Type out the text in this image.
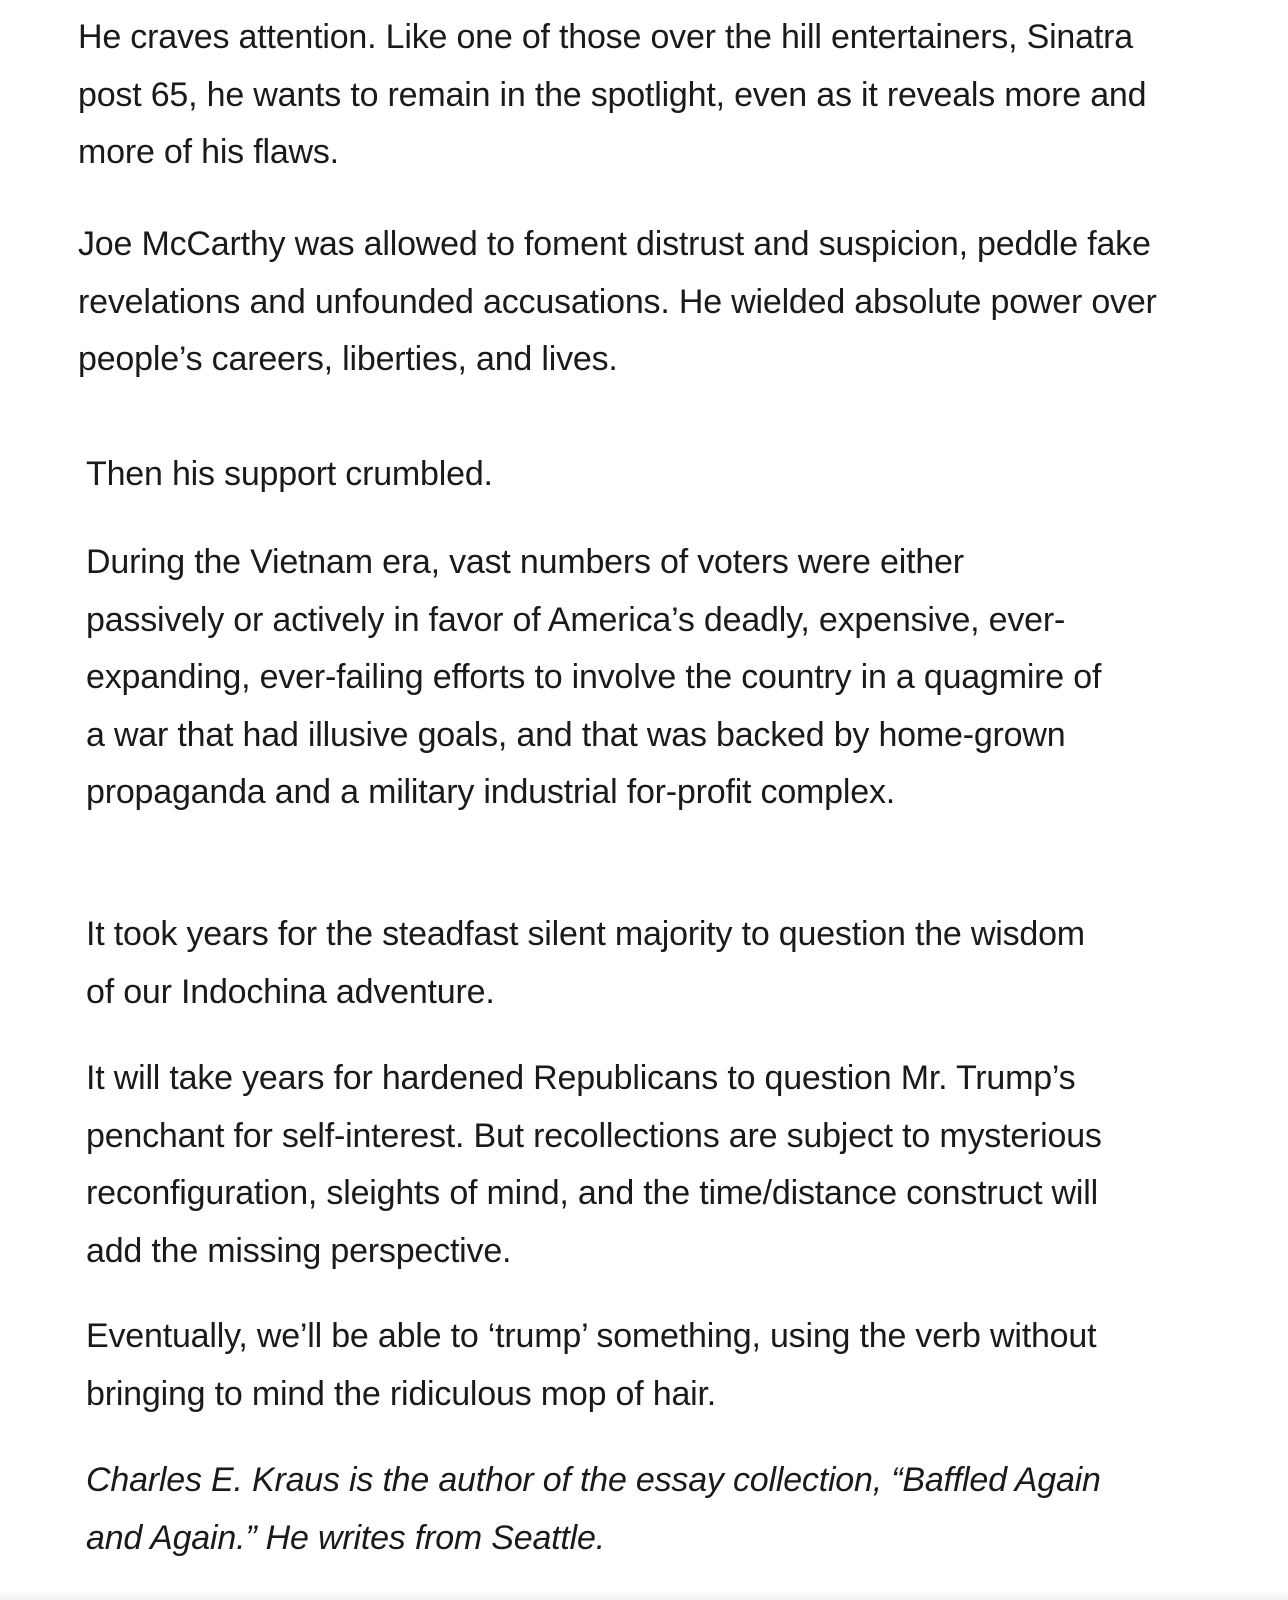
He craves attention. Like one of those over the hill entertainers, Sinatra post 65, he wants to remain in the spotlight, even as it reveals more and more of his flaws.

Joe McCarthy was allowed to foment distrust and suspicion, peddle fake revelations and unfounded accusations. He wielded absolute power over people’s careers, liberties, and lives.

Then his support crumbled.

During the Vietnam era, vast numbers of voters were either passively or actively in favor of America’s deadly, expensive, ever-expanding, ever-failing efforts to involve the country in a quagmire of a war that had illusive goals, and that was backed by home-grown propaganda and a military industrial for-profit complex.

It took years for the steadfast silent majority to question the wisdom of our Indochina adventure.

It will take years for hardened Republicans to question Mr. Trump’s penchant for self-interest. But recollections are subject to mysterious reconfiguration, sleights of mind, and the time/distance construct will add the missing perspective.

Eventually, we’ll be able to ‘trump’ something, using the verb without bringing to mind the ridiculous mop of hair.

Charles E. Kraus is the author of the essay collection, “Baffled Again and Again.” He writes from Seattle.
